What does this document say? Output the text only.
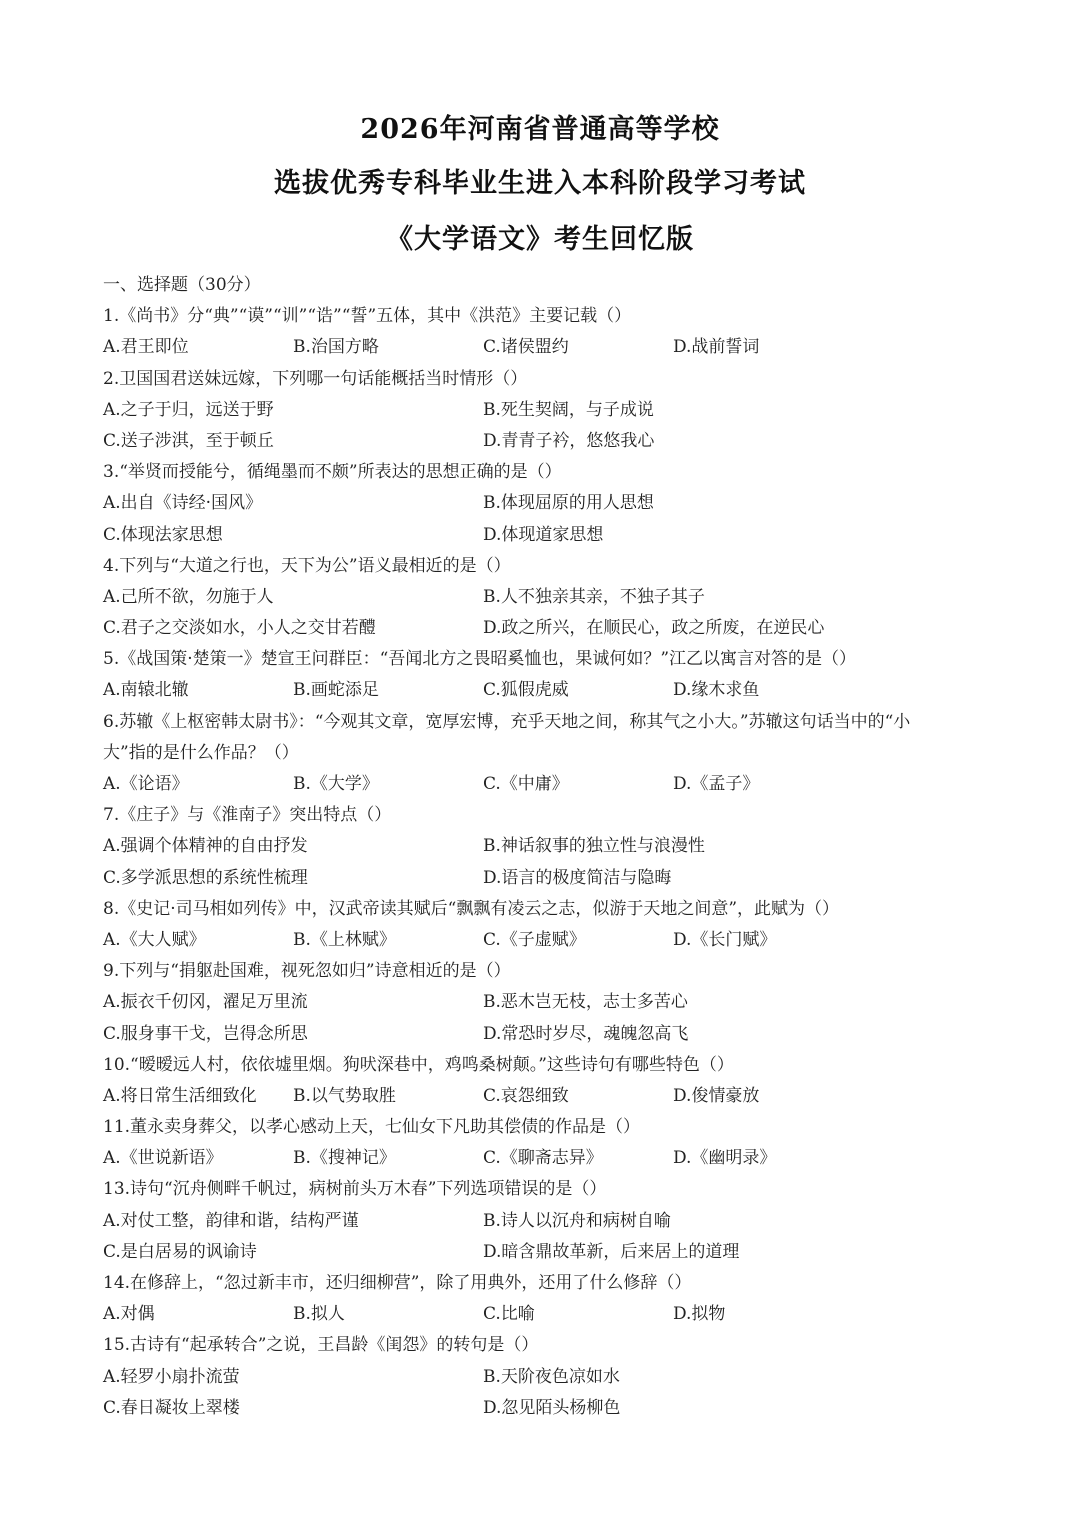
2026年河南省普通高等学校
选拔优秀专科毕业生进入本科阶段学习考试
《大学语文》考生回忆版
一、选择题（30分）
1.《尚书》分“典”“谟”“训”“诰”“誓”五体，其中《洪范》主要记载（）
A.君王即位	B.治国方略	C.诸侯盟约	D.战前誓词
2.卫国国君送妹远嫁，下列哪一句话能概括当时情形（）
A.之子于归，远送于野	B.死生契阔，与子成说
C.送子涉淇，至于顿丘	D.青青子衿，悠悠我心
3.“举贤而授能兮，循绳墨而不颇”所表达的思想正确的是（）
A.出自《诗经·国风》	B.体现屈原的用人思想
C.体现法家思想	D.体现道家思想
4.下列与“大道之行也，天下为公”语义最相近的是（）
A.己所不欲，勿施于人	B.人不独亲其亲，不独子其子
C.君子之交淡如水，小人之交甘若醴	D.政之所兴，在顺民心，政之所废，在逆民心
5.《战国策·楚策一》楚宣王问群臣：“吾闻北方之畏昭奚恤也，果诚何如？”江乙以寓言对答的是（）
A.南辕北辙	B.画蛇添足	C.狐假虎威	D.缘木求鱼
6.苏辙《上枢密韩太尉书》：“今观其文章，宽厚宏博，充乎天地之间，称其气之小大。”苏辙这句话当中的“小
大”指的是什么作品？（）
A.《论语》	B.《大学》	C.《中庸》	D.《孟子》
7.《庄子》与《淮南子》突出特点（）
A.强调个体精神的自由抒发	B.神话叙事的独立性与浪漫性
C.多学派思想的系统性梳理	D.语言的极度简洁与隐晦
8.《史记·司马相如列传》中，汉武帝读其赋后“飘飘有凌云之志，似游于天地之间意”，此赋为（）
A.《大人赋》	B.《上林赋》	C.《子虚赋》	D.《长门赋》
9.下列与“捐躯赴国难，视死忽如归”诗意相近的是（）
A.振衣千仞冈，濯足万里流	B.恶木岂无枝，志士多苦心
C.服身事干戈，岂得念所思	D.常恐时岁尽，魂魄忽高飞
10.“暧暧远人村，依依墟里烟。狗吠深巷中，鸡鸣桑树颠。”这些诗句有哪些特色（）
A.将日常生活细致化	B.以气势取胜	C.哀怨细致	D.俊情豪放
11.董永卖身葬父，以孝心感动上天，七仙女下凡助其偿债的作品是（）
A.《世说新语》	B.《搜神记》	C.《聊斋志异》	D.《幽明录》
13.诗句“沉舟侧畔千帆过，病树前头万木春”下列选项错误的是（）
A.对仗工整，韵律和谐，结构严谨	B.诗人以沉舟和病树自喻
C.是白居易的讽谕诗	D.暗含鼎故革新，后来居上的道理
14.在修辞上，“忽过新丰市，还归细柳营”，除了用典外，还用了什么修辞（）
A.对偶	B.拟人	C.比喻	D.拟物
15.古诗有“起承转合”之说，王昌龄《闺怨》的转句是（）
A.轻罗小扇扑流萤	B.天阶夜色凉如水
C.春日凝妆上翠楼	D.忽见陌头杨柳色
